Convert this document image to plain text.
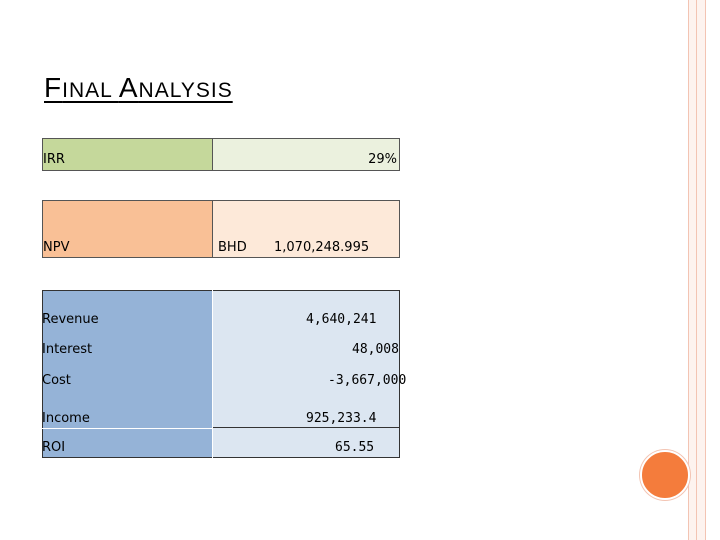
FINAL ANALYSIS
IRR	29%
NPV	BHD 1,070,248.995
Revenue	4,640,241
Interest	48,008
Cost	-3,667,000
Income	925,233.4
ROI	65.55
